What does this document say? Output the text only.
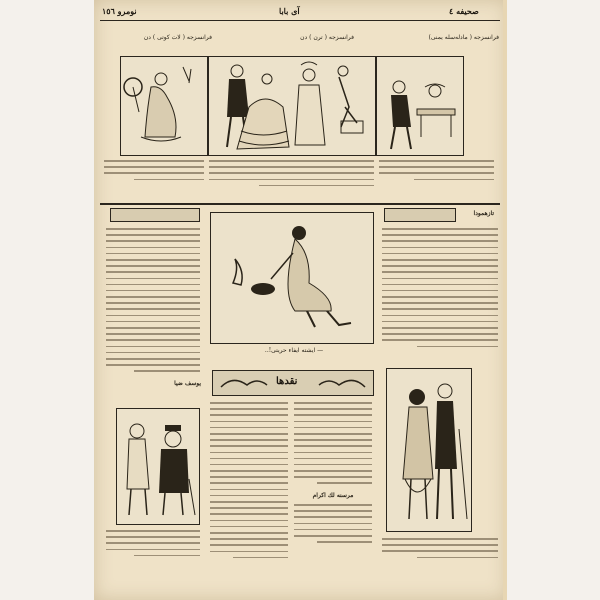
نومرو ١٥٦	آی بابا	صحيفه ٤
فرانسزجه ( لات كوتى ) دن	فرانسزجه ( ترن ) دن	فرانسزجه ( مادلەسلە يمنى)
يوسف ضيا
— ایشته ایفاء حریتی!..
نقدها
مرسنه لك اكرام
تازهمودا
